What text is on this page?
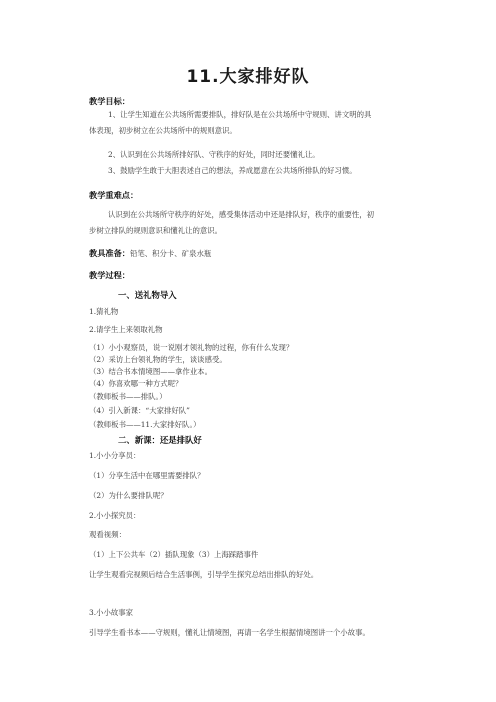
11.大家排好队
教学目标：
1、让学生知道在公共场所需要排队，排好队是在公共场所中守规则、讲文明的具
体表现，初步树立在公共场所中的规则意识。
2、认识到在公共场所排好队、守秩序的好处，同时还要懂礼让。
3、鼓励学生敢于大胆表述自己的想法，养成愿意在公共场所排队的好习惯。
教学重难点：
认识到在公共场所守秩序的好处，感受集体活动中还是排队好，秩序的重要性，初
步树立排队的规则意识和懂礼让的意识。
教具准备：铅笔、积分卡、矿泉水瓶
教学过程：
一、送礼物导入
1.猜礼物
2.请学生上来领取礼物
（1）小小观察员，说一说刚才领礼物的过程，你有什么发现？
（2）采访上台领礼物的学生，谈谈感受。
（3）结合书本情境图——拿作业本。
（4）你喜欢哪一种方式呢？
（教师板书——排队。）
（4）引入新课：“大家排好队”
（教师板书——11.大家排好队。）
二、新课：还是排队好
1.小小分享员：
（1）分享生活中在哪里需要排队？
（2）为什么要排队呢？
2.小小探究员：
观看视频：
（1）上下公共车（2）插队现象（3）上海踩踏事件
让学生观看完视频后结合生活事例，引导学生探究总结出排队的好处。
3.小小故事家
引导学生看书本——守规则，懂礼让情境图，再请一名学生根据情境图讲一个小故事。
